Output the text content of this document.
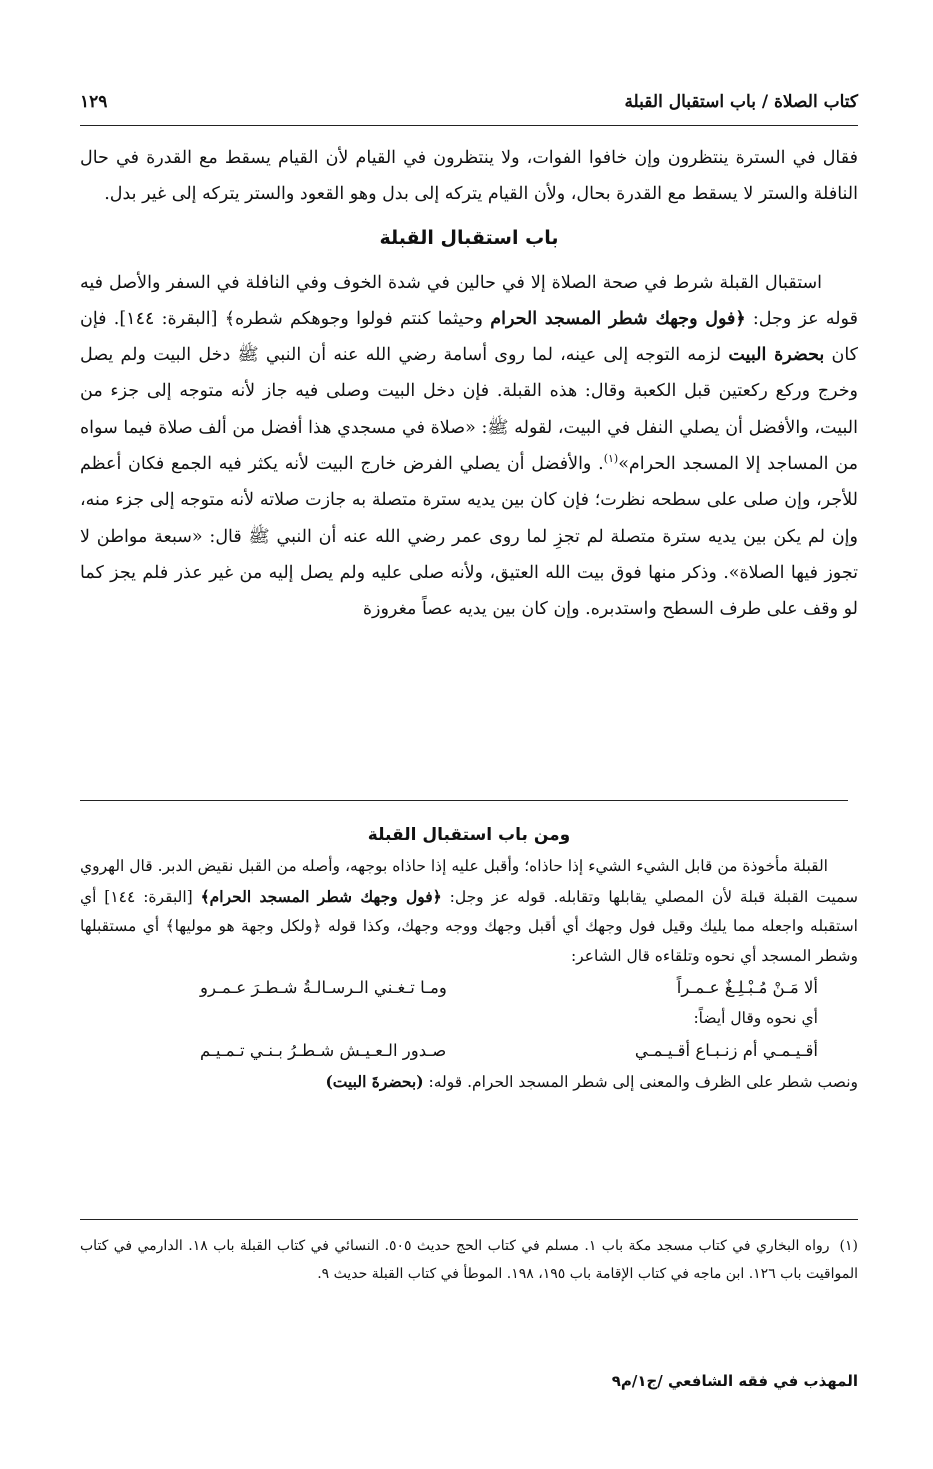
كتاب الصلاة / باب استقبال القبلة
١٢٩

فقال في السترة ينتظرون وإن خافوا الفوات، ولا ينتظرون في القيام لأن القيام يسقط مع القدرة في حال النافلة والستر لا يسقط مع القدرة بحال، ولأن القيام يتركه إلى بدل وهو القعود والستر يتركه إلى غير بدل.

باب استقبال القبلة

استقبال القبلة شرط في صحة الصلاة إلا في حالين في شدة الخوف وفي النافلة في السفر والأصل فيه قوله عز وجل: ﴿فول وجهك شطر المسجد الحرام وحيثما كنتم فولوا وجوهكم شطره﴾ [البقرة: ١٤٤]. فإن كان بحضرة البيت لزمه التوجه إلى عينه، لما روى أسامة رضي الله عنه أن النبي ﷺ دخل البيت ولم يصل وخرج وركع ركعتين قبل الكعبة وقال: هذه القبلة. فإن دخل البيت وصلى فيه جاز لأنه متوجه إلى جزء من البيت، والأفضل أن يصلي النفل في البيت، لقوله ﷺ: «صلاة في مسجدي هذا أفضل من ألف صلاة فيما سواه من المساجد إلا المسجد الحرام»$^{(١)}$. والأفضل أن يصلي الفرض خارج البيت لأنه يكثر فيه الجمع فكان أعظم للأجر، وإن صلى على سطحه نظرت؛ فإن كان بين يديه سترة متصلة به جازت صلاته لأنه متوجه إلى جزء منه، وإن لم يكن بين يديه سترة متصلة لم تجزِ لما روى عمر رضي الله عنه أن النبي ﷺ قال: «سبعة مواطن لا تجوز فيها الصلاة». وذكر منها فوق بيت الله العتيق، ولأنه صلى عليه ولم يصل إليه من غير عذر فلم يجز كما لو وقف على طرف السطح واستدبره. وإن كان بين يديه عصاً مغروزة

ومن باب استقبال القبلة

القبلة مأخوذة من قابل الشيء الشيء إذا حاذاه؛ وأقبل عليه إذا حاذاه بوجهه، وأصله من القبل نقيض الدبر. قال الهروي سميت القبلة قبلة لأن المصلي يقابلها وتقابله. قوله عز وجل: ﴿فول وجهك شطر المسجد الحرام﴾ [البقرة: ١٤٤] أي استقبله واجعله مما يليك وقيل فول وجهك أي أقبل وجهك ووجه وجهك، وكذا قوله ﴿ولكل وجهة هو موليها﴾ أي مستقبلها وشطر المسجد أي نحوه وتلقاءه قال الشاعر:

ألا مَـنْ مُـبْـلِـغٌ عـمـراً
ومـا تـغـني الـرسـالـةُ شـطـرَ عـمـرو
أي نحوه وقال أيضاً:
أقـيـمـي أم زنـبـاع أقـيـمـي
صـدور الـعـيـش شـطـرُ بـنـي تـمـيـم

ونصب شطر على الظرف والمعنى إلى شطر المسجد الحرام. قوله: (بحضرةَ البيت)

(١)رواه البخاري في كتاب مسجد مكة باب ١. مسلم في كتاب الحج حديث ٥٠٥. النسائي في كتاب القبلة باب ١٨. الدارمي في كتاب المواقيت باب ١٢٦. ابن ماجه في كتاب الإقامة باب ١٩٥، ١٩٨. الموطأ في كتاب القبلة حديث ٩.
المهذب في فقه الشافعي /ج١/م٩
